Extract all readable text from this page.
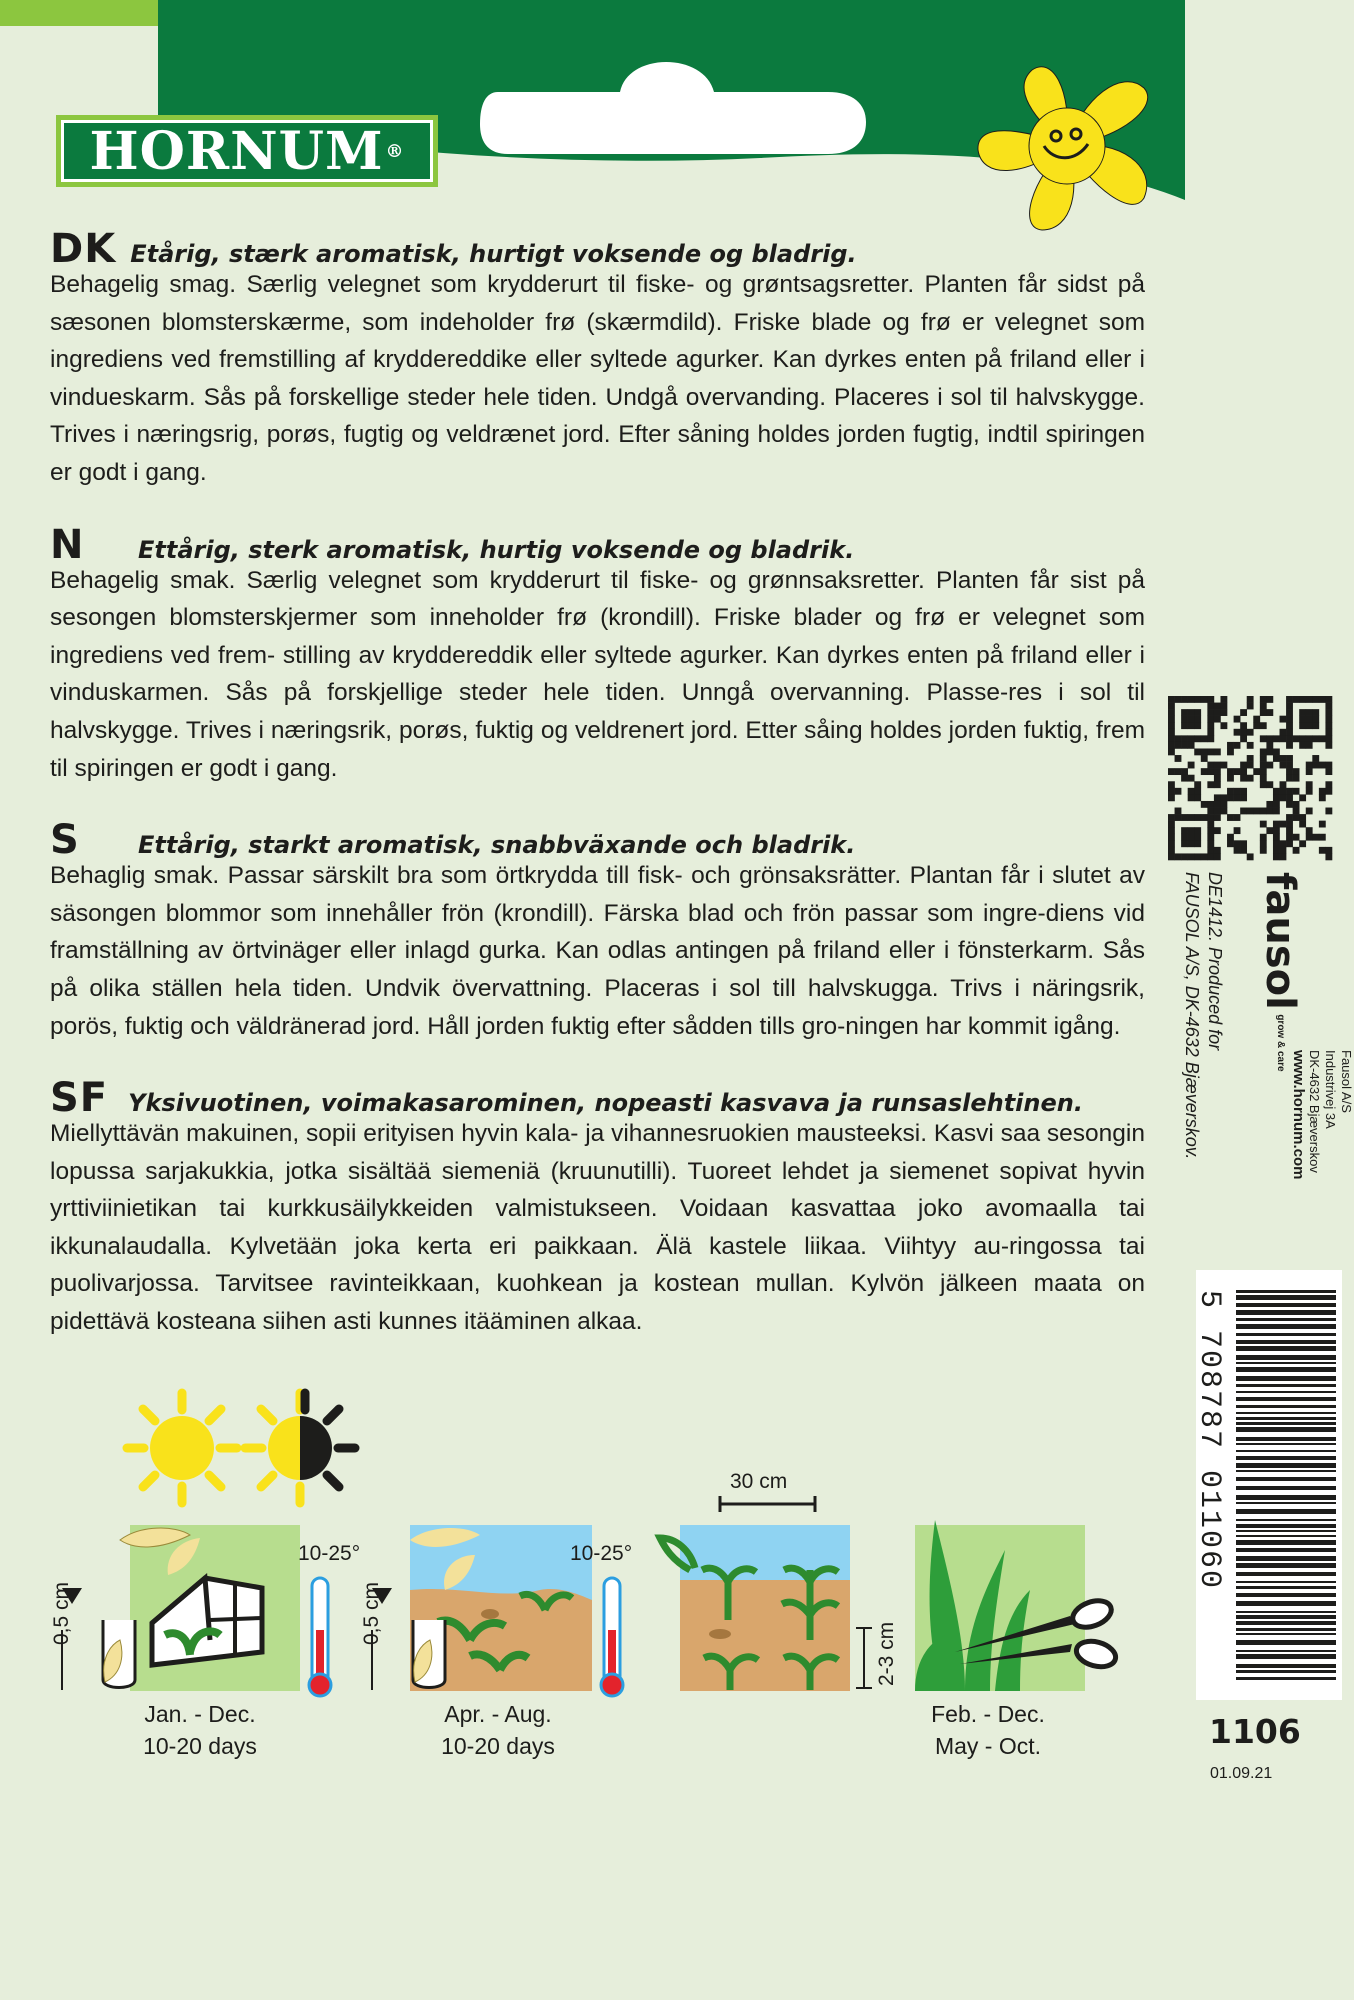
HORNUM ®
DK Etårig, stærk aromatisk, hurtigt voksende og bladrig.

Behagelig smag. Særlig velegnet som krydderurt til fiske- og grøntsagsretter. Planten får sidst på sæsonen blomsterskærme, som indeholder frø (skærmdild). Friske blade og frø er velegnet som ingrediens ved fremstilling af kryddereddike eller syltede agurker. Kan dyrkes enten på friland eller i vindueskarm. Sås på forskellige steder hele tiden. Undgå overvanding. Placeres i sol til halvskygge. Trives i næringsrig, porøs, fugtig og veldrænet jord. Efter såning holdes jorden fugtig, indtil spiringen er godt i gang.

N	Ettårig, sterk aromatisk, hurtig voksende og bladrik.

Behagelig smak. Særlig velegnet som krydderurt til fiske- og grønnsaksretter. Planten får sist på sesongen blomsterskjermer som inneholder frø (krondill). Friske blader og frø er velegnet som ingrediens ved frem- stilling av kryddereddik eller syltede agurker. Kan dyrkes enten på friland eller i vinduskarmen. Sås på forskjellige steder hele tiden. Unngå overvanning. Plasse-res i sol til halvskygge. Trives i næringsrik, porøs, fuktig og veldrenert jord. Etter såing holdes jorden fuktig, frem til spiringen er godt i gang.

S	Ettårig, starkt aromatisk, snabbväxande och bladrik.

Behaglig smak. Passar särskilt bra som örtkrydda till fisk- och grönsaksrätter. Plantan får i slutet av säsongen blommor som innehåller frön (krondill). Färska blad och frön passar som ingre-diens vid framställning av örtvinäger eller inlagd gurka. Kan odlas antingen på friland eller i fönsterkarm. Sås på olika ställen hela tiden. Undvik övervattning. Placeras i sol till halvskugga. Trivs i näringsrik, porös, fuktig och väldränerad jord. Håll jorden fuktig efter sådden tills gro-ningen har kommit igång.

SF Yksivuotinen, voimakasarominen, nopeasti kasvava ja runsaslehtinen.

Miellyttävän makuinen, sopii erityisen hyvin kala- ja vihannesruokien mausteeksi. Kasvi saa sesongin lopussa sarjakukkia, jotka sisältää siemeniä (kruunutilli). Tuoreet lehdet ja siemenet sopivat hyvin yrttiviinietikan tai kurkkusäilykkeiden valmistukseen. Voidaan kasvattaa joko avomaalla tai ikkunalaudalla. Kylvetään joka kerta eri paikkaan. Älä kastele liikaa. Viihtyy au-ringossa tai puolivarjossa. Tarvitsee ravinteikkaan, kuohkean ja kostean mullan. Kylvön jälkeen maata on pidettävä kosteana siihen asti kunnes itääminen alkaa.

DE1412. Produced for
FAUSOL A/S, DK-4632 Bjæverskov. fausol grow & care
Fausol A/S
Industrivej 3A
DK-4632 Bjæverskov
www.hornum.com
5 708787 011060
1106
01.09.21
10-25°	10-25°
0,5 cm	0,5 cm
30 cm
2-3 cm
Jan. - Dec.
10-20 days
Apr. - Aug.
10-20 days
Feb. - Dec.
May - Oct.
